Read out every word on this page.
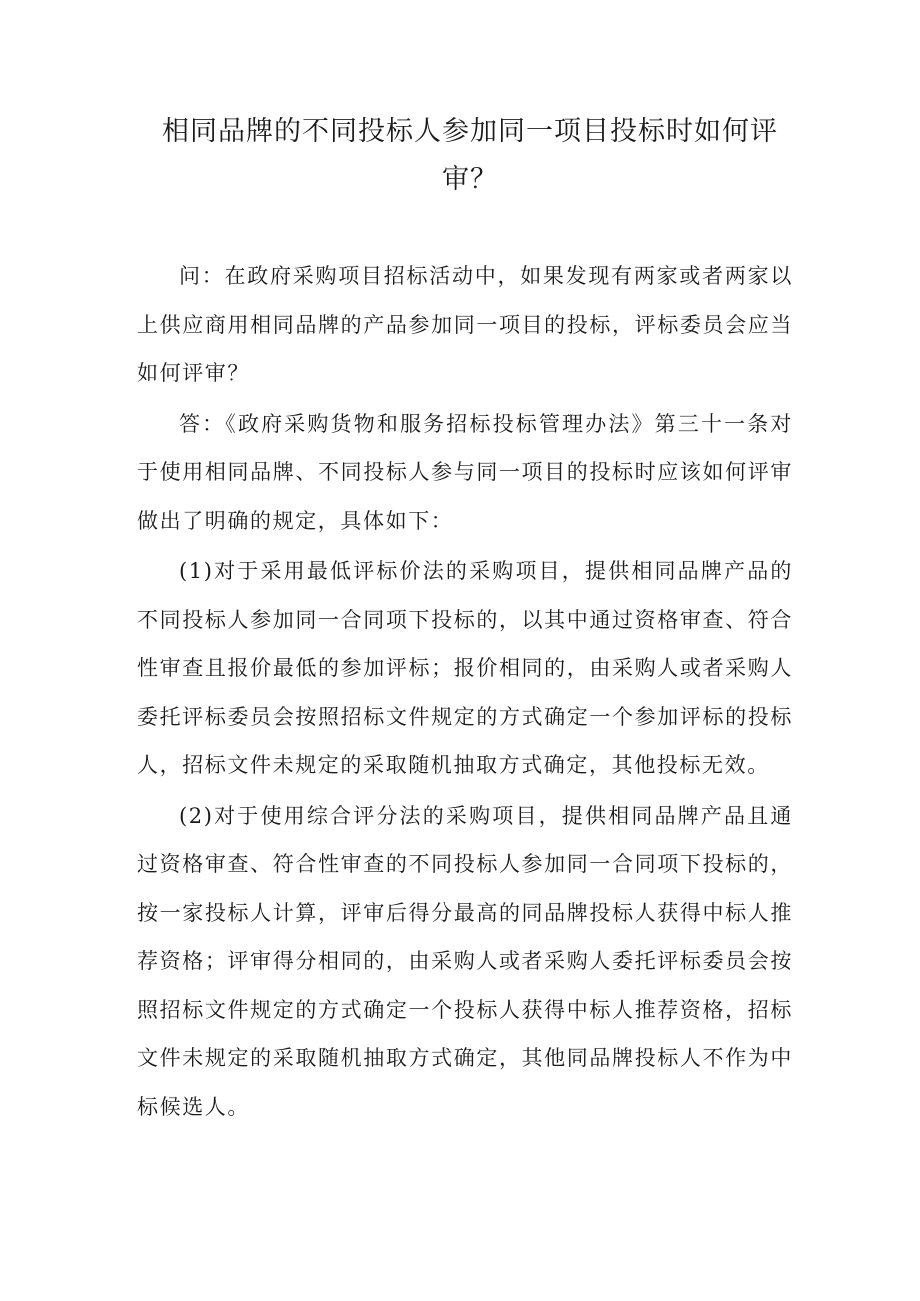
相同品牌的不同投标人参加同一项目投标时如何评审？

问：在政府采购项目招标活动中，如果发现有两家或者两家以上供应商用相同品牌的产品参加同一项目的投标，评标委员会应当如何评审？

答：《政府采购货物和服务招标投标管理办法》第三十一条对于使用相同品牌、不同投标人参与同一项目的投标时应该如何评审做出了明确的规定，具体如下：

(1)对于采用最低评标价法的采购项目，提供相同品牌产品的不同投标人参加同一合同项下投标的，以其中通过资格审查、符合性审查且报价最低的参加评标；报价相同的，由采购人或者采购人委托评标委员会按照招标文件规定的方式确定一个参加评标的投标人，招标文件未规定的采取随机抽取方式确定，其他投标无效。

(2)对于使用综合评分法的采购项目，提供相同品牌产品且通过资格审查、符合性审查的不同投标人参加同一合同项下投标的，按一家投标人计算，评审后得分最高的同品牌投标人获得中标人推荐资格；评审得分相同的，由采购人或者采购人委托评标委员会按照招标文件规定的方式确定一个投标人获得中标人推荐资格，招标文件未规定的采取随机抽取方式确定，其他同品牌投标人不作为中标候选人。
